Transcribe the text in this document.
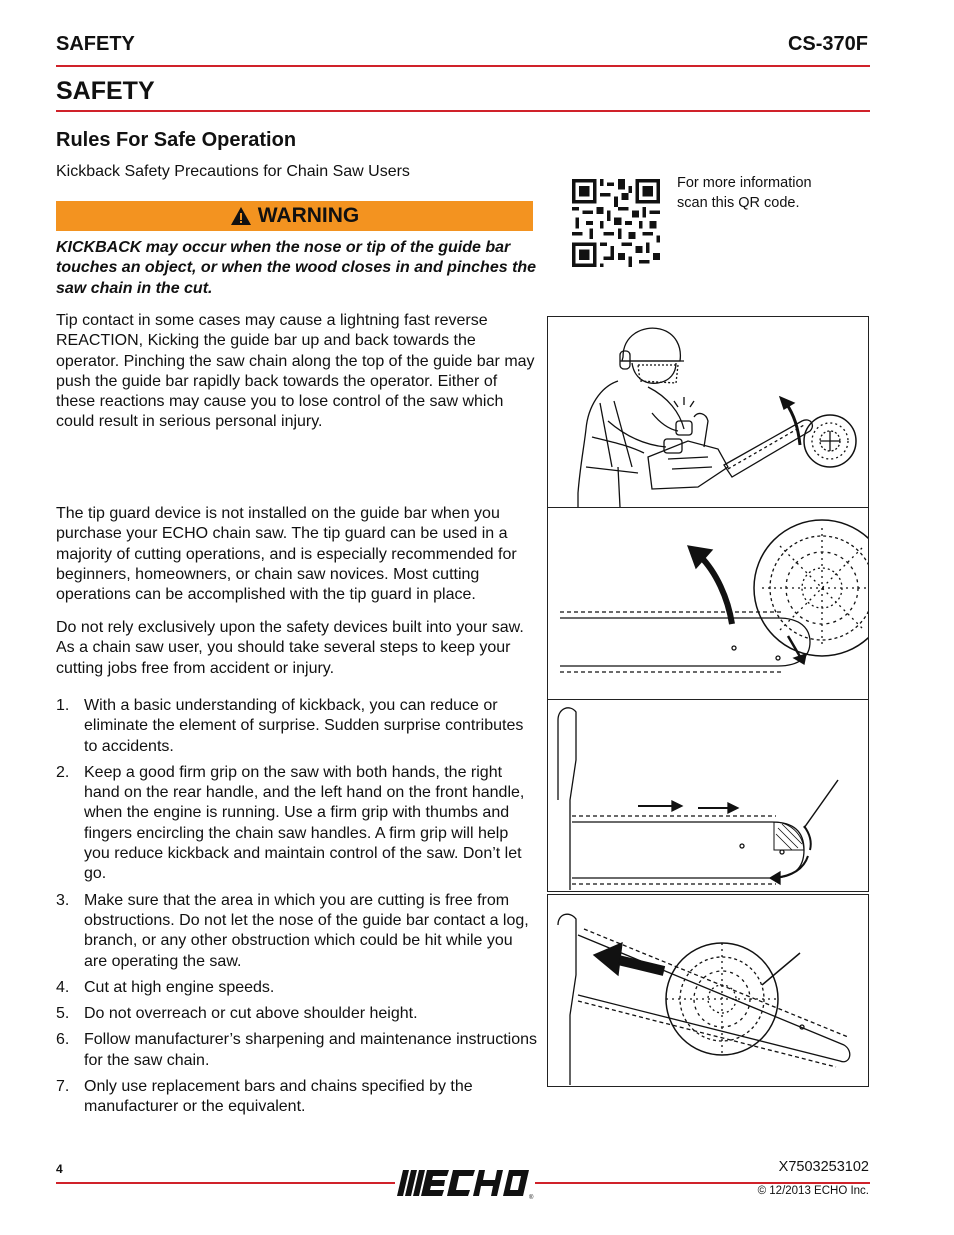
SAFETY	CS-370F
SAFETY
Rules For Safe Operation
Kickback Safety Precautions for Chain Saw Users
WARNING
KICKBACK may occur when the nose or tip of the guide bar touches an object, or when the wood closes in and pinches the saw chain in the cut.
Tip contact in some cases may cause a lightning fast reverse REACTION, Kicking the guide bar up and back towards the operator. Pinching the saw chain along the top of the guide bar may push the guide bar rapidly back towards the operator. Either of these reactions may cause you to lose control of the saw which could result in serious personal injury.
The tip guard device is not installed on the guide bar when you purchase your ECHO chain saw. The tip guard can be used in a majority of cutting operations, and is especially recommended for beginners, homeowners, or chain saw novices. Most cutting operations can be accomplished with the tip guard in place.
Do not rely exclusively upon the safety devices built into your saw. As a chain saw user, you should take several steps to keep your cutting jobs free from accident or injury.
For more information scan this QR code.
1. With a basic understanding of kickback, you can reduce or eliminate the element of surprise. Sudden surprise contributes to accidents.
2. Keep a good firm grip on the saw with both hands, the right hand on the rear handle, and the left hand on the front handle, when the engine is running. Use a firm grip with thumbs and fingers encircling the chain saw handles. A firm grip will help you reduce kickback and maintain control of the saw. Don’t let go.
3. Make sure that the area in which you are cutting is free from obstructions. Do not let the nose of the guide bar contact a log, branch, or any other obstruction which could be hit while you are operating the saw.
4. Cut at high engine speeds.
5. Do not overreach or cut above shoulder height.
6. Follow manufacturer’s sharpening and maintenance instructions for the saw chain.
7. Only use replacement bars and chains specified by the manufacturer or the equivalent.
4
®
X7503253102
© 12/2013 ECHO Inc.
